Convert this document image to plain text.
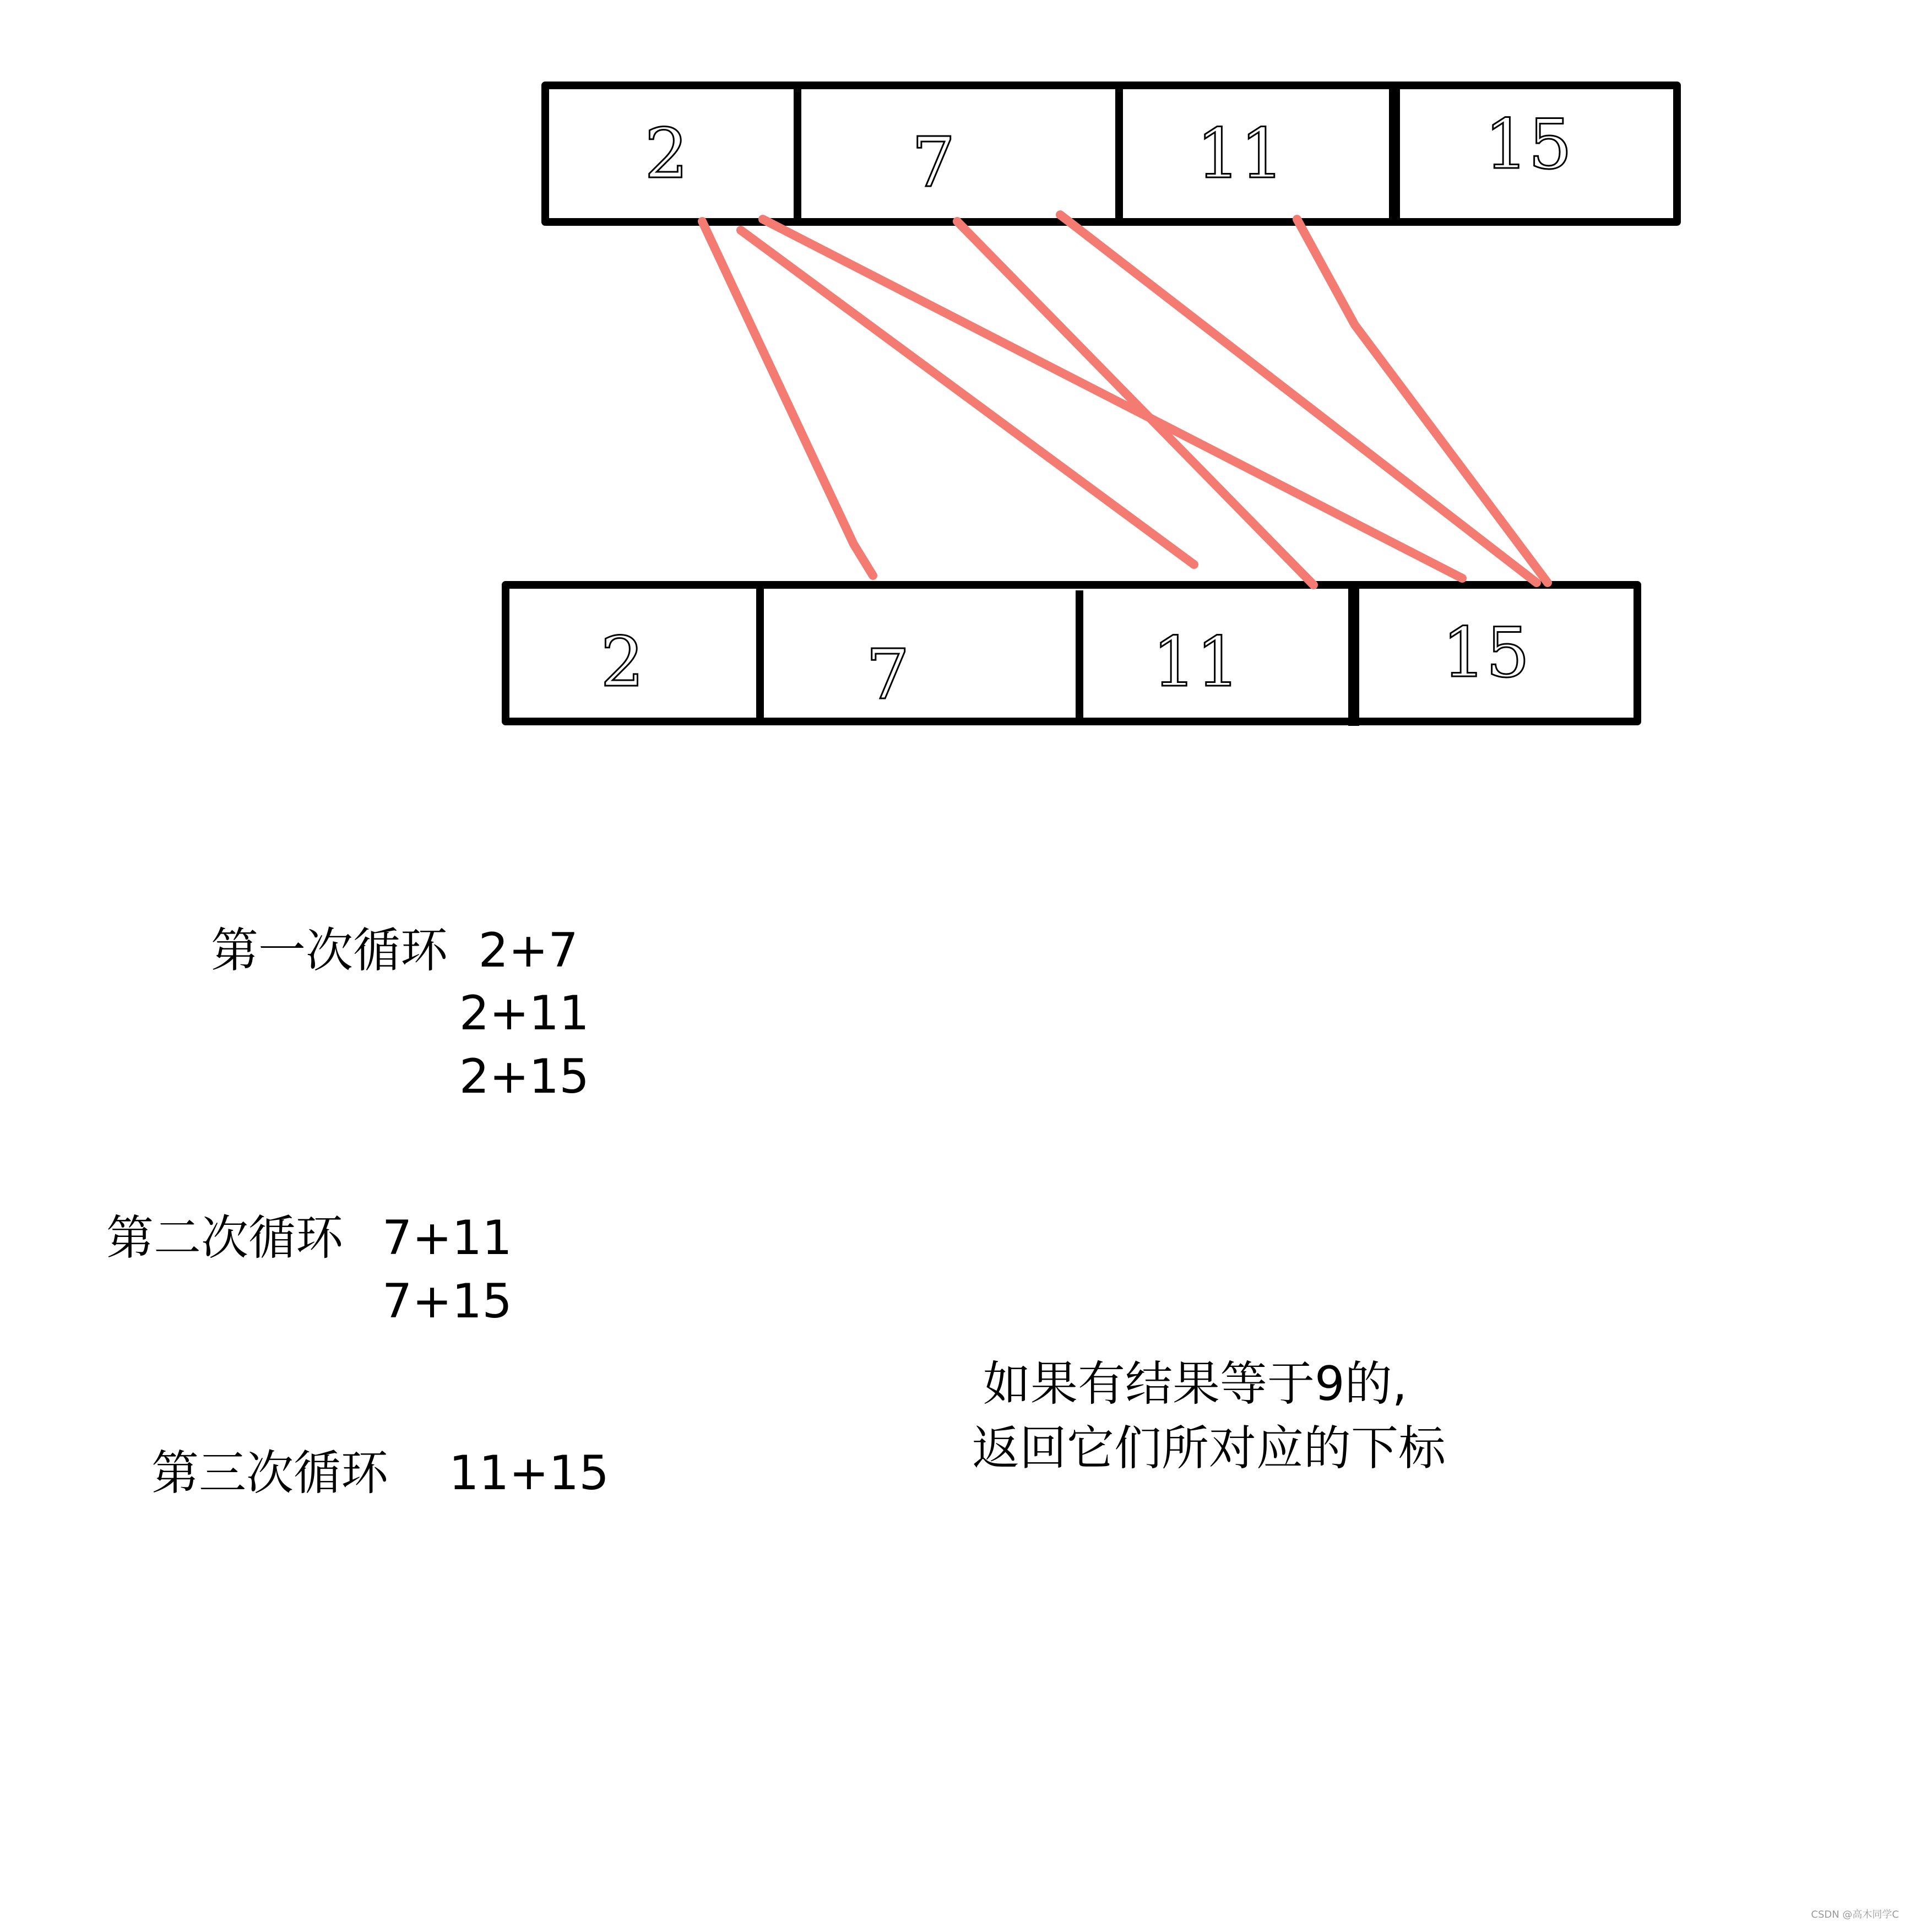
2	7	11	15
2	7	11	15
第一次循环 2+7
2+11
2+15
第二次循环 7+11
7+15
第三次循环 11+15
如果有结果等于9的,
返回它们所对应的下标
CSDN @高木同学C
